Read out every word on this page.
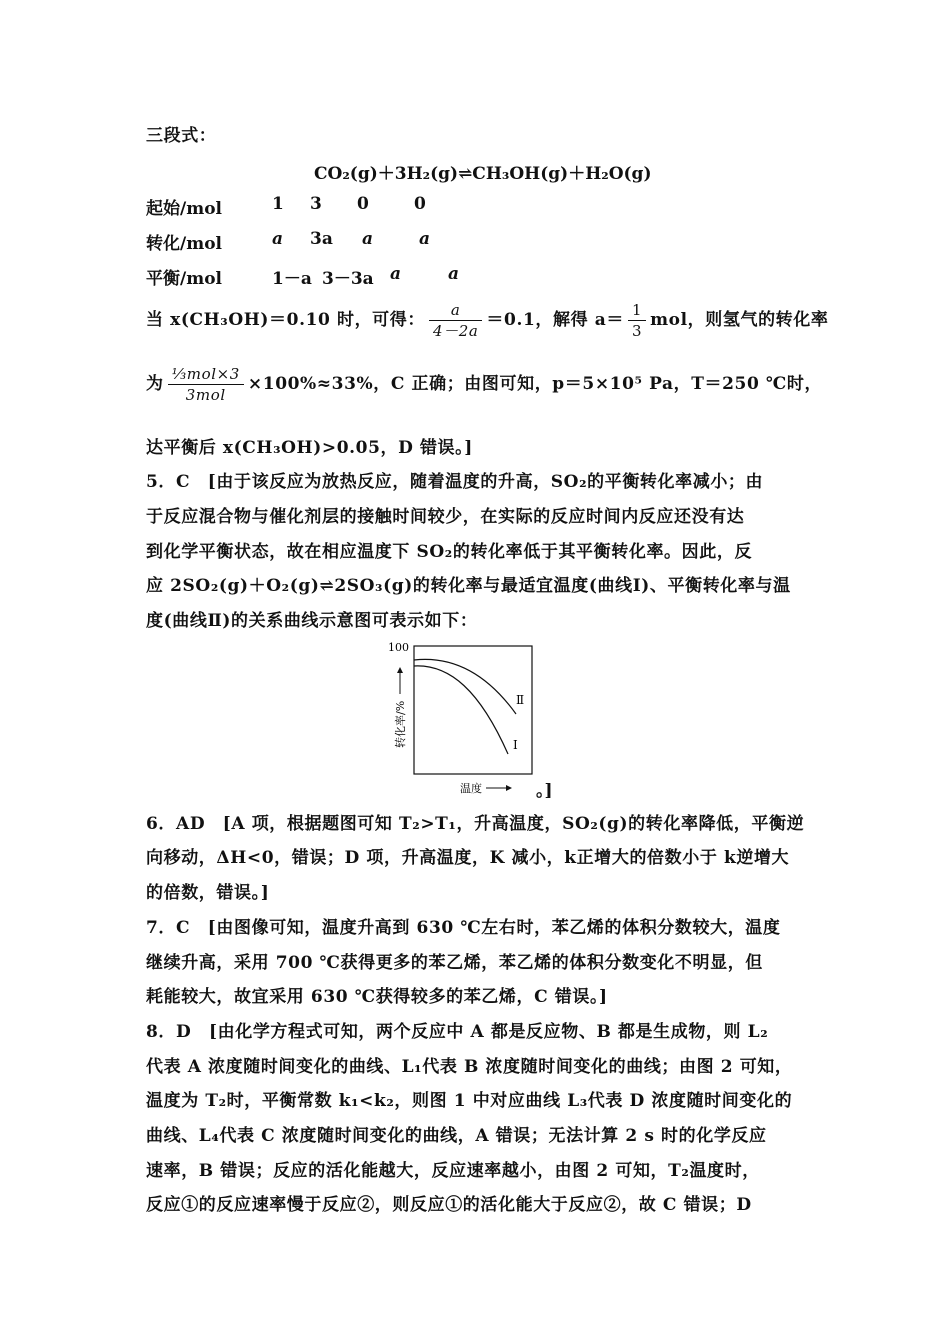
三段式：
CO₂(g)＋3H₂(g)⇌CH₃OH(g)＋H₂O(g)
起始/mol	1 3 0	0
转化/mol	a 3a a	a
平衡/mol	1－a 3－3a a	a
当 x(CH₃OH)＝0.10 时，可得： $\frac{a}{4-2a} =0.1$，解得 $a= \frac{1}{3}$ mol，则氢气的转化率
为 $\frac{\text{⅓mol×3}}{\text{3mol}} \times 100\%\approx 33\%$，C 正确；由图可知，p＝5×10⁵ Pa，T＝250 ℃时，
达平衡后 x(CH₃OH)>0.05，D 错误。]
5．C　[由于该反应为放热反应，随着温度的升高，SO₂的平衡转化率减小；由
于反应混合物与催化剂层的接触时间较少，在实际的反应时间内反应还没有达
到化学平衡状态，故在相应温度下 SO₂的转化率低于其平衡转化率。因此，反
应 2SO₂(g)＋O₂(g)⇌2SO₃(g)的转化率与最适宜温度(曲线Ⅰ)、平衡转化率与温
度(曲线Ⅱ)的关系曲线示意图可表示如下：
100
转化率/%
Ⅱ
Ⅰ
温度	。]
6．AD　[A 项，根据题图可知 T₂>T₁，升高温度，SO₂(g)的转化率降低，平衡逆
向移动，ΔH<0，错误；D 项，升高温度，K 减小，k正增大的倍数小于 k逆增大
的倍数，错误。]
7．C　[由图像可知，温度升高到 630 ℃左右时，苯乙烯的体积分数较大，温度
继续升高，采用 700 ℃获得更多的苯乙烯，苯乙烯的体积分数变化不明显，但
耗能较大，故宜采用 630 ℃获得较多的苯乙烯，C 错误。]
8．D　[由化学方程式可知，两个反应中 A 都是反应物、B 都是生成物，则 L₂
代表 A 浓度随时间变化的曲线、L₁代表 B 浓度随时间变化的曲线；由图 2 可知，
温度为 T₂时，平衡常数 k₁<k₂，则图 1 中对应曲线 L₃代表 D 浓度随时间变化的
曲线、L₄代表 C 浓度随时间变化的曲线，A 错误；无法计算 2 s 时的化学反应
速率，B 错误；反应的活化能越大，反应速率越小，由图 2 可知，T₂温度时，
反应①的反应速率慢于反应②，则反应①的活化能大于反应②，故 C 错误；D
